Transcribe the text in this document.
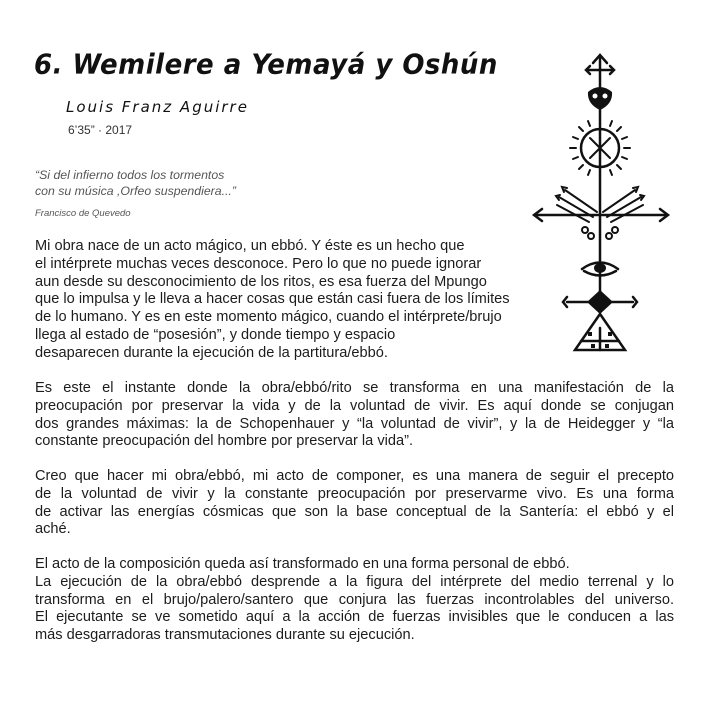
6. Wemilere a Yemayá y Oshún
Louis Franz Aguirre
6’35” · 2017
“Si del infierno todos los tormentos
con su música ,Orfeo suspendiera...”
Francisco de Quevedo
Mi obra nace de un acto mágico, un ebbó. Y éste es un hecho que
el intérprete muchas veces desconoce. Pero lo que no puede ignorar
aun desde su desconocimiento de los ritos, es esa fuerza del Mpungo
que lo impulsa y le lleva a hacer cosas que están casi fuera de los límites
de lo humano. Y es en este momento mágico, cuando el intérprete/brujo
llega al estado de “posesión”, y donde tiempo y espacio
desaparecen durante la ejecución de la partitura/ebbó.
Es este el instante donde la obra/ebbó/rito se transforma en una manifestación de la
preocupación por preservar la vida y de la voluntad de vivir. Es aquí donde se conjugan
dos grandes máximas: la de Schopenhauer y “la voluntad de vivir”, y la de Heidegger y “la
constante preocupación del hombre por preservar la vida”.
Creo que hacer mi obra/ebbó, mi acto de componer, es una manera de seguir el precepto
de la voluntad de vivir y la constante preocupación por preservarme vivo. Es una forma
de activar las energías cósmicas que son la base conceptual de la Santería: el ebbó y el
aché.
El acto de la composición queda así transformado en una forma personal de ebbó.
La ejecución de la obra/ebbó desprende a la figura del intérprete del medio terrenal y lo
transforma en el brujo/palero/santero que conjura las fuerzas incontrolables del universo.
El ejecutante se ve sometido aquí a la acción de fuerzas invisibles que le conducen a las
más desgarradoras transmutaciones durante su ejecución.
